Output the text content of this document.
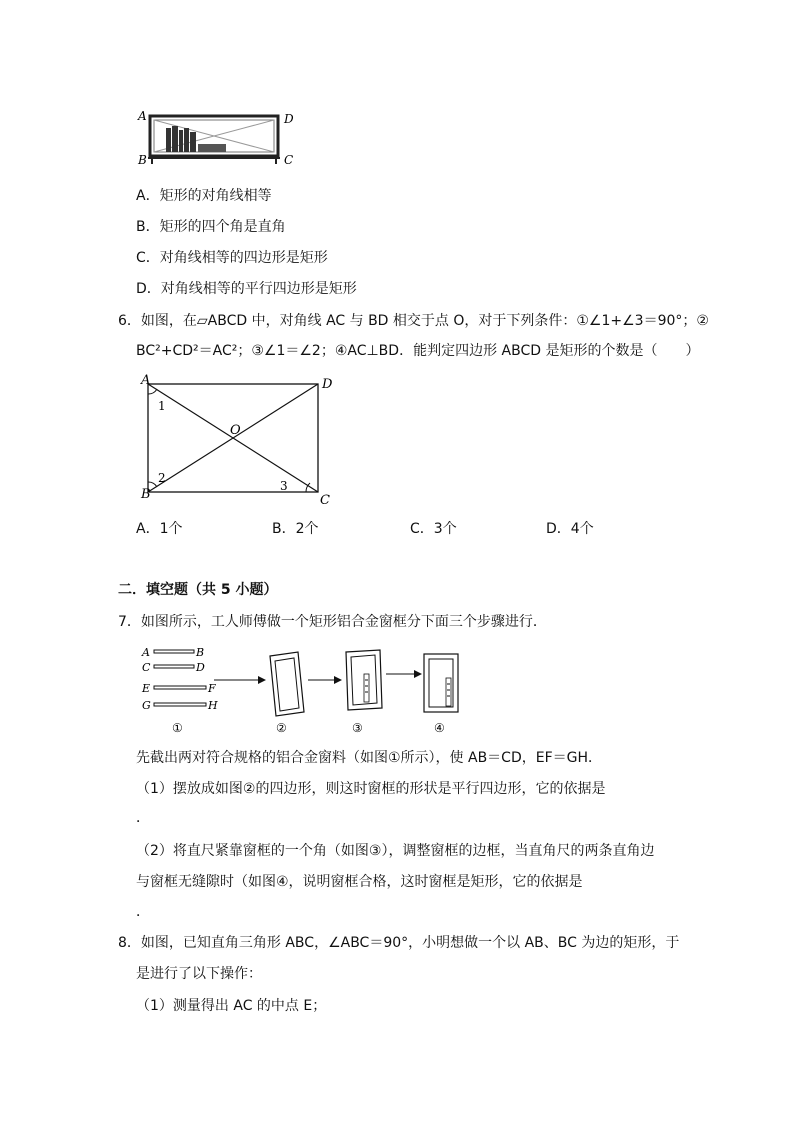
A
B	C
D
A．矩形的对角线相等
B．矩形的四个角是直角
C．对角线相等的四边形是矩形
D．对角线相等的平行四边形是矩形
6．如图，在▱ABCD 中，对角线 AC 与 BD 相交于点 O，对于下列条件：①∠1+∠3＝90°；②
BC²+CD²＝AC²；③∠1＝∠2；④AC⊥BD．能判定四边形 ABCD 是矩形的个数是（　　）
A	D
B	C
O
1
2
3
A．1个	B．2个	C．3个	D．4个
二．填空题（共 5 小题）
7．如图所示，工人师傅做一个矩形铝合金窗框分下面三个步骤进行．
A	B
C	D
E	F
G	H
①	②	③	④
先截出两对符合规格的铝合金窗料（如图①所示），使 AB＝CD，EF＝GH．
（1）摆放成如图②的四边形，则这时窗框的形状是平行四边形，它的依据是
．
（2）将直尺紧靠窗框的一个角（如图③），调整窗框的边框，当直角尺的两条直角边
与窗框无缝隙时（如图④，说明窗框合格，这时窗框是矩形，它的依据是
．
8．如图，已知直角三角形 ABC，∠ABC＝90°，小明想做一个以 AB、BC 为边的矩形，于
是进行了以下操作：
（1）测量得出 AC 的中点 E；
